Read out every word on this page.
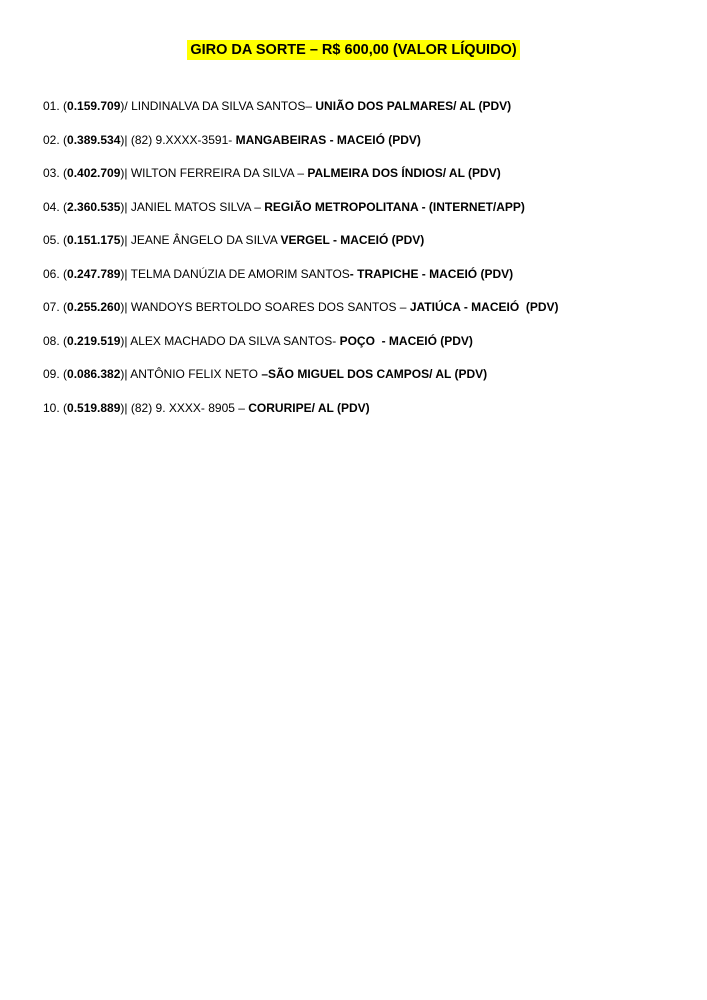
GIRO DA SORTE – R$ 600,00 (VALOR LÍQUIDO)
01. (0.159.709)/ LINDINALVA DA SILVA SANTOS– UNIÃO DOS PALMARES/ AL (PDV)
02. (0.389.534)| (82) 9.XXXX-3591- MANGABEIRAS - MACEIÓ (PDV)
03. (0.402.709)| WILTON FERREIRA DA SILVA – PALMEIRA DOS ÍNDIOS/ AL (PDV)
04. (2.360.535)| JANIEL MATOS SILVA – REGIÃO METROPOLITANA - (INTERNET/APP)
05. (0.151.175)| JEANE ÂNGELO DA SILVA VERGEL - MACEIÓ (PDV)
06. (0.247.789)| TELMA DANÚZIA DE AMORIM SANTOS- TRAPICHE - MACEIÓ (PDV)
07. (0.255.260)| WANDOYS BERTOLDO SOARES DOS SANTOS – JATIÚCA - MACEIÓ  (PDV)
08. (0.219.519)| ALEX MACHADO DA SILVA SANTOS- POÇO  - MACEIÓ (PDV)
09. (0.086.382)| ANTÔNIO FELIX NETO –SÃO MIGUEL DOS CAMPOS/ AL (PDV)
10. (0.519.889)| (82) 9. XXXX- 8905 – CORURIPE/ AL (PDV)
